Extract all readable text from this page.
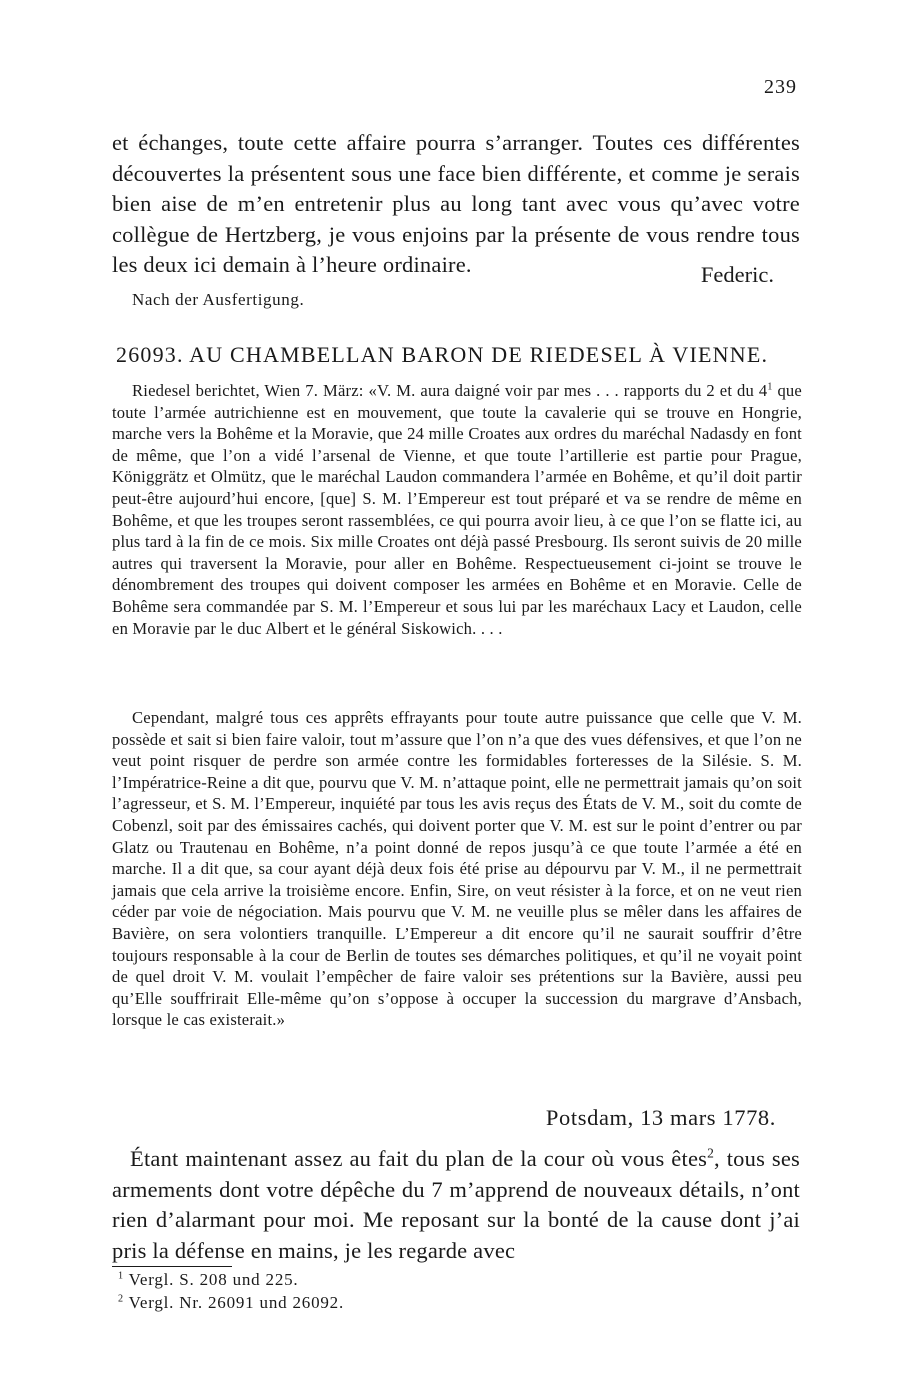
239
et échanges, toute cette affaire pourra s’arranger. Toutes ces différentes découvertes la présentent sous une face bien différente, et comme je serais bien aise de m’en entretenir plus au long tant avec vous qu’avec votre collègue de Hertzberg, je vous enjoins par la présente de vous rendre tous les deux ici demain à l’heure ordinaire.	Federic.
Nach der Ausfertigung.
26093. AU CHAMBELLAN BARON DE RIEDESEL À VIENNE.
Riedesel berichtet, Wien 7. März: «V. M. aura daigné voir par mes . . . rapports du 2 et du $4^1$ que toute l’armée autrichienne est en mouvement, que toute la cavalerie qui se trouve en Hongrie, marche vers la Bohême et la Moravie, que 24 mille Croates aux ordres du maréchal Nadasdy en font de même, que l’on a vidé l’arsenal de Vienne, et que toute l’artillerie est partie pour Prague, Königgrätz et Olmütz, que le maréchal Laudon commandera l’armée en Bohême, et qu’il doit partir peut-être aujourd’hui encore, [que] S. M. l’Empereur est tout préparé et va se rendre de même en Bohême, et que les troupes seront rassemblées, ce qui pourra avoir lieu, à ce que l’on se flatte ici, au plus tard à la fin de ce mois. Six mille Croates ont déjà passé Presbourg. Ils seront suivis de 20 mille autres qui traversent la Moravie, pour aller en Bohême. Respectueusement ci-joint se trouve le dénombrement des troupes qui doivent composer les armées en Bohême et en Moravie. Celle de Bohême sera commandée par S. M. l’Empereur et sous lui par les maréchaux Lacy et Laudon, celle en Moravie par le duc Albert et le général Siskowich. . . .
Cependant, malgré tous ces apprêts effrayants pour toute autre puissance que celle que V. M. possède et sait si bien faire valoir, tout m’assure que l’on n’a que des vues défensives, et que l’on ne veut point risquer de perdre son armée contre les formidables forteresses de la Silésie. S. M. l’Impératrice-Reine a dit que, pourvu que V. M. n’attaque point, elle ne permettrait jamais qu’on soit l’agresseur, et S. M. l’Empereur, inquiété par tous les avis reçus des États de V. M., soit du comte de Cobenzl, soit par des émissaires cachés, qui doivent porter que V. M. est sur le point d’entrer ou par Glatz ou Trautenau en Bohême, n’a point donné de repos jusqu’à ce que toute l’armée a été en marche. Il a dit que, sa cour ayant déjà deux fois été prise au dépourvu par V. M., il ne permettrait jamais que cela arrive la troisième encore. Enfin, Sire, on veut résister à la force, et on ne veut rien céder par voie de négociation. Mais pourvu que V. M. ne veuille plus se mêler dans les affaires de Bavière, on sera volontiers tranquille. L’Empereur a dit encore qu’il ne saurait souffrir d’être toujours responsable à la cour de Berlin de toutes ses démarches politiques, et qu’il ne voyait point de quel droit V. M. voulait l’empêcher de faire valoir ses prétentions sur la Bavière, aussi peu qu’Elle souffrirait Elle-même qu’on s’oppose à occuper la succession du margrave d’Ansbach, lorsque le cas existerait.»
Potsdam, 13 mars 1778.
Étant maintenant assez au fait du plan de la cour où vous êtes$^2$, tous ses armements dont votre dépêche du 7 m’apprend de nouveaux détails, n’ont rien d’alarmant pour moi. Me reposant sur la bonté de la cause dont j’ai pris la défense en mains, je les regarde avec
$^1$ Vergl. S. 208 und 225.
$^2$ Vergl. Nr. 26091 und 26092.
